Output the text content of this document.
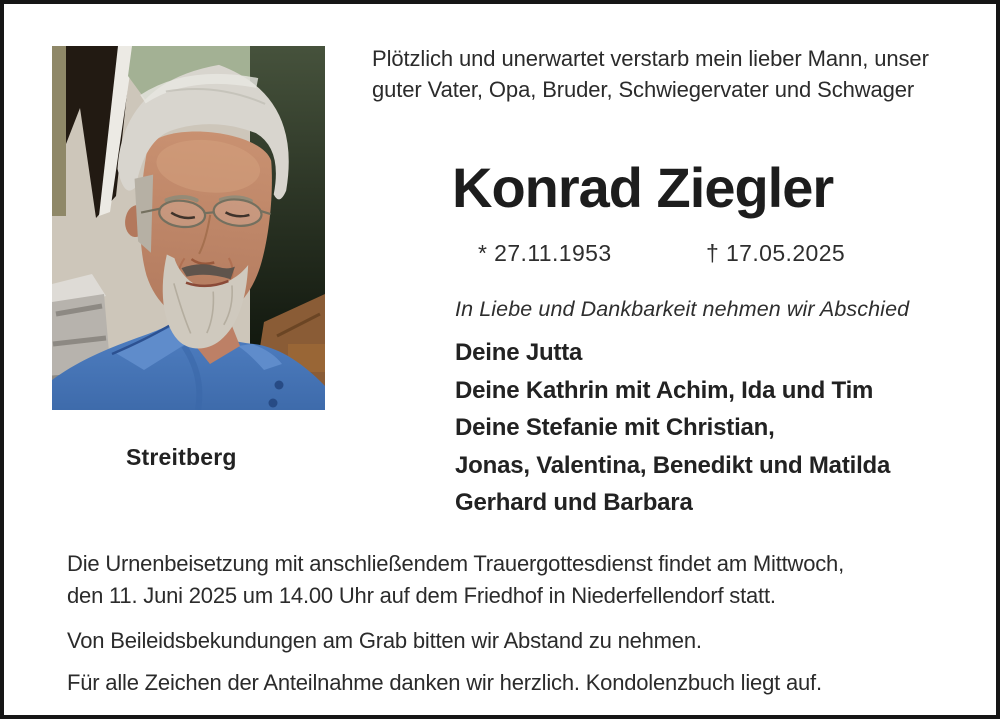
Streitberg
Plötzlich und unerwartet verstarb mein lieber Mann, unser guter Vater, Opa, Bruder, Schwiegervater und Schwager
Konrad Ziegler
* 27.11.1953	† 17.05.2025
In Liebe und Dankbarkeit nehmen wir Abschied
Deine Jutta
Deine Kathrin mit Achim, Ida und Tim
Deine Stefanie mit Christian,
Jonas, Valentina, Benedikt und Matilda
Gerhard und Barbara

Die Urnenbeisetzung mit anschließendem Trauergottesdienst findet am Mittwoch,
den 11. Juni 2025 um 14.00 Uhr auf dem Friedhof in Niederfellendorf statt.

Von Beileidsbekundungen am Grab bitten wir Abstand zu nehmen.

Für alle Zeichen der Anteilnahme danken wir herzlich. Kondolenzbuch liegt auf.
